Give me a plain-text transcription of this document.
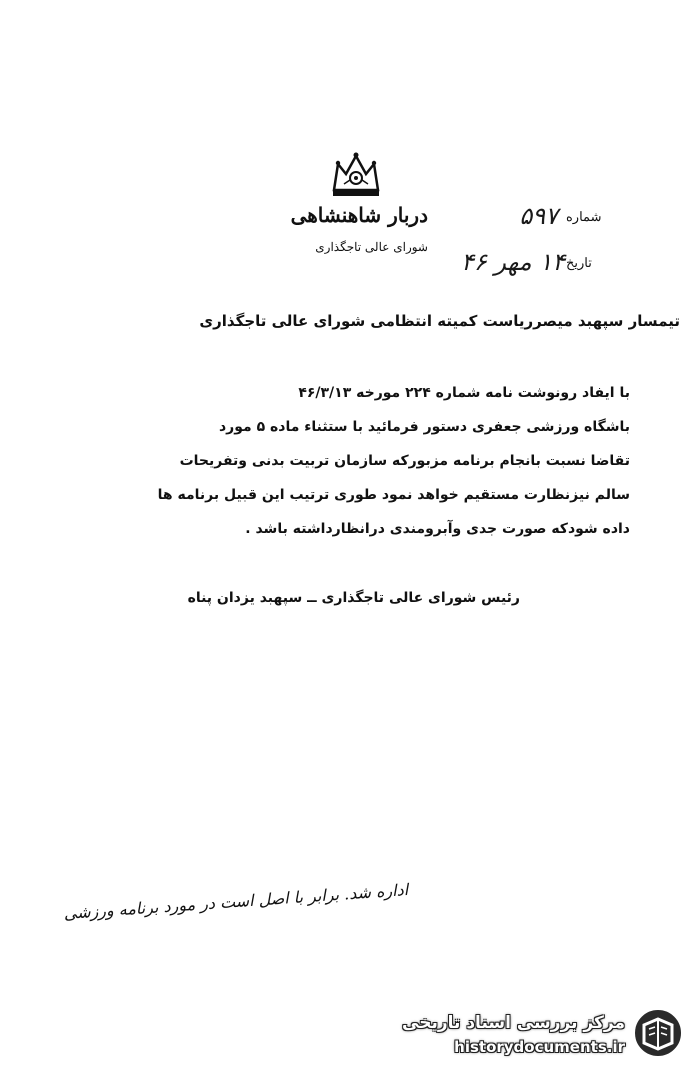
دربار شاهنشاهی
شورای عالی تاجگذاری
شماره
۵۹۷
تاریخ
۱۴ مهر ۴۶
تیمسار سپهبد میصرریاست کمیته انتظامی شورای عالی تاجگذاری
با ایفاد رونوشت نامه شماره ۲۲۴ مورخه ۴۶/۳/۱۳
باشگاه ورزشی جعفری دستور فرمائید با ستثناء ماده ۵ مورد
تقاضا نسبت بانجام برنامه مزبورکه سازمان تربیت بدنی وتفریحات
سالم نیزنظارت مستقیم خواهد نمود طوری ترتیب این قبیل برنامه ها
داده شودکه صورت جدی وآبرومندی درانظارداشته باشد .
رئیس شورای عالی تاجگذاری ــ سپهبد یزدان پناه
اداره شد. برابر با اصل است در مورد برنامه ورزشی
مرکز بررسی اسناد تاریخی
historydocuments.ir
